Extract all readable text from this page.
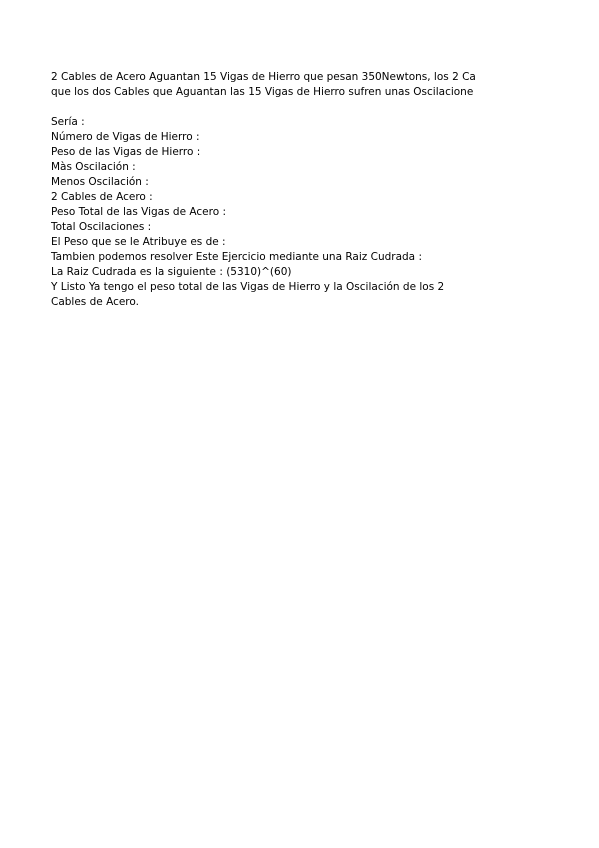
2 Cables de Acero Aguantan 15 Vigas de Hierro que pesan 350Newtons, los 2 Ca
que los dos Cables que Aguantan las 15 Vigas de Hierro sufren unas Oscilacione
Sería :
Número de Vigas de Hierro :
Peso de las Vigas de Hierro :
Màs Oscilación :
Menos Oscilación :
2 Cables de Acero :
Peso Total de las Vigas de Acero :
Total Oscilaciones :
El Peso que se le Atribuye es de :
Tambien podemos resolver Este Ejercicio mediante una Raiz Cudrada :
La Raiz Cudrada es la siguiente : (5310)^(60)
Y Listo Ya tengo el peso total de las Vigas de Hierro y la Oscilación de los 2
Cables de Acero.
